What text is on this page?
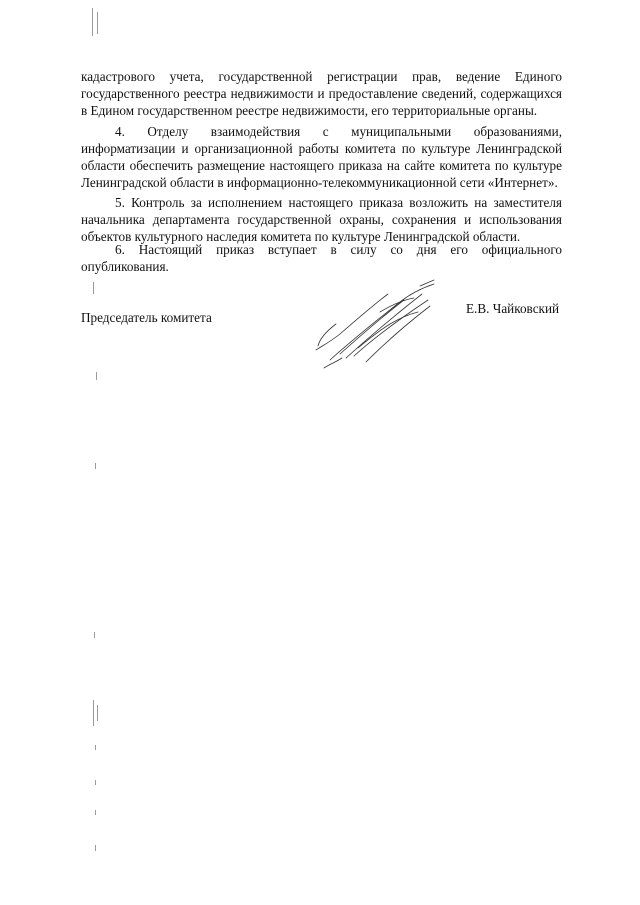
кадастрового учета, государственной регистрации прав, ведение Единого
государственного реестра недвижимости и предоставление сведений, содержащихся
в Едином государственном реестре недвижимости, его территориальные органы.
4. Отделу взаимодействия с муниципальными образованиями,
информатизации и организационной работы комитета по культуре Ленинградской
области обеспечить размещение настоящего приказа на сайте комитета по культуре
Ленинградской области в информационно-телекоммуникационной сети «Интернет».
5. Контроль за исполнением настоящего приказа возложить на заместителя
начальника департамента государственной охраны, сохранения и использования
объектов культурного наследия комитета по культуре Ленинградской области.
6. Настоящий приказ вступает в силу со дня его официального
опубликования.
Председатель комитета
Е.В. Чайковский
